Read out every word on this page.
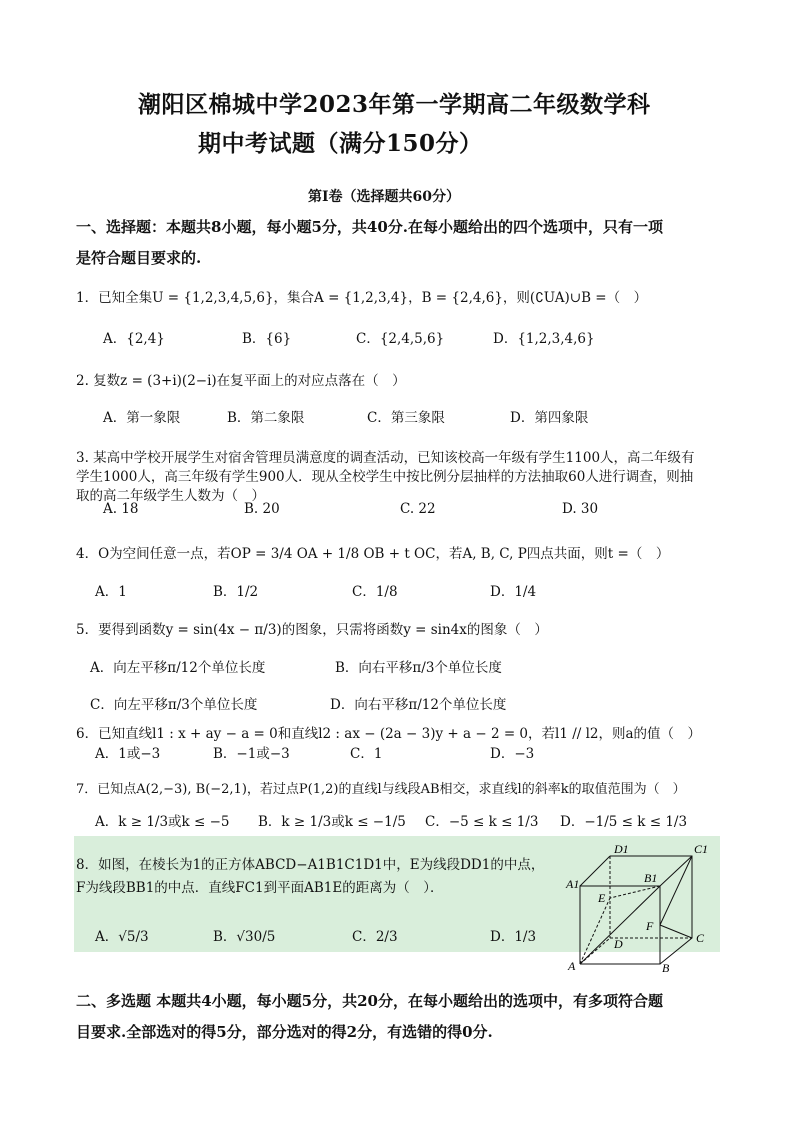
潮阳区棉城中学2023年第一学期高二年级数学科
期中考试题（满分150分）
第Ⅰ卷（选择题共60分）
一、选择题：本题共8小题，每小题5分，共40分.在每小题给出的四个选项中，只有一项
是符合题目要求的.
1．已知全集U = {1,2,3,4,5,6}，集合A = {1,2,3,4}，B = {2,4,6}，则(∁UA)∪B =（　）
A．{2,4}	B．{6}	C．{2,4,5,6}	D．{1,2,3,4,6}
2. 复数z = (3+i)(2−i)在复平面上的对应点落在（　）
A．第一象限	B．第二象限	C．第三象限	D．第四象限
3. 某高中学校开展学生对宿舍管理员满意度的调查活动，已知该校高一年级有学生1100人，高二年级有
学生1000人，高三年级有学生900人．现从全校学生中按比例分层抽样的方法抽取60人进行调查，则抽
取的高二年级学生人数为（　）
A. 18	B. 20	C. 22	D. 30
4．O为空间任意一点，若OP = 3/4 OA + 1/8 OB + t OC，若A, B, C, P四点共面，则t =（　）
A．1	B．1/2	C．1/8	D．1/4
5．要得到函数y = sin(4x − π/3)的图象，只需将函数y = sin4x的图象（　）
A．向左平移π/12个单位长度	B．向右平移π/3个单位长度
C．向左平移π/3个单位长度	D．向右平移π/12个单位长度
6．已知直线l1 : x + ay − a = 0和直线l2 : ax − (2a − 3)y + a − 2 = 0，若l1 // l2，则a的值（　）
A．1或−3	B．−1或−3	C．1	D．−3
7．已知点A(2,−3), B(−2,1)，若过点P(1,2)的直线l与线段AB相交，求直线l的斜率k的取值范围为（　）
A．k ≥ 1/3或k ≤ −5 B．k ≥ 1/3或k ≤ −1/5 C．−5 ≤ k ≤ 1/3 D．−1/5 ≤ k ≤ 1/3
8．如图，在棱长为1的正方体ABCD−A1B1C1D1中，E为线段DD1的中点，
F为线段BB1的中点．直线FC1到平面AB1E的距离为（　）．
A．√5/3	B．√30/5	C．2/3	D．1/3
D1	C1
A1	B1
E
F
D	C
A	B
二、多选题 本题共4小题，每小题5分，共20分，在每小题给出的选项中，有多项符合题
目要求.全部选对的得5分，部分选对的得2分，有选错的得0分.
